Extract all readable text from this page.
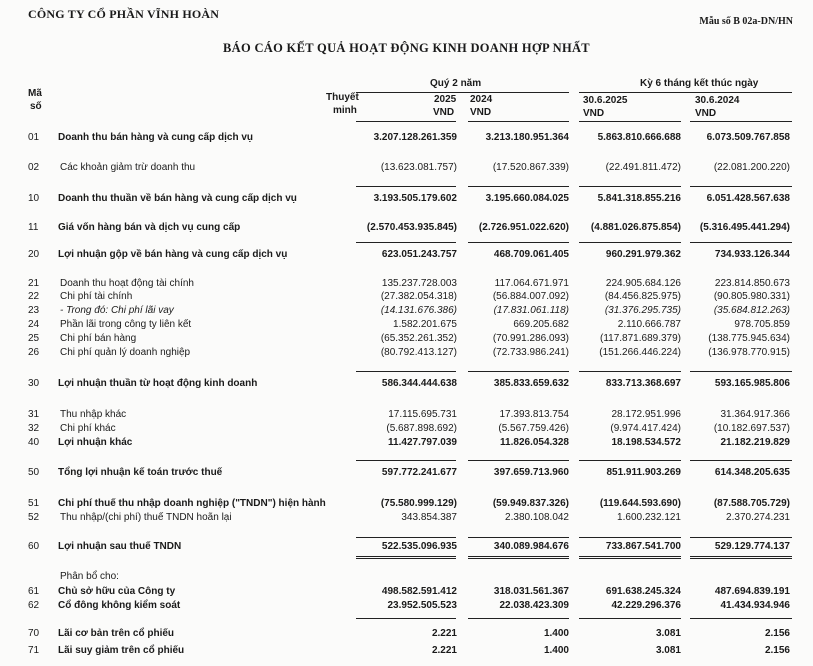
CÔNG TY CỔ PHẦN VĨNH HOÀN
Mẫu số B 02a-DN/HN
BÁO CÁO KẾT QUẢ HOẠT ĐỘNG KINH DOANH HỢP NHẤT
Mã
số
Thuyết
minh
Quý 2 năm	Kỳ 6 tháng kết thúc ngày
2025 2024	30.6.2025	30.6.2024
VND VND	VND	VND
01	Doanh thu bán hàng và cung cấp dịch vụ	3.207.128.261.359	3.213.180.951.364	5.863.810.666.688	6.073.509.767.858
02	Các khoản giảm trừ doanh thu	(13.623.081.757)	(17.520.867.339)	(22.491.811.472)	(22.081.200.220)
10	Doanh thu thuần về bán hàng và cung cấp dịch vụ	3.193.505.179.602	3.195.660.084.025	5.841.318.855.216	6.051.428.567.638
11	Giá vốn hàng bán và dịch vụ cung cấp	(2.570.453.935.845) (2.726.951.022.620) (4.881.026.875.854) (5.316.495.441.294)
20	Lợi nhuận gộp về bán hàng và cung cấp dịch vụ	623.051.243.757	468.709.061.405	960.291.979.362	734.933.126.344
21	Doanh thu hoạt động tài chính	135.237.728.003	117.064.671.971	224.905.684.126	223.814.850.673
22	Chi phí tài chính	(27.382.054.318)	(56.884.007.092)	(84.456.825.975)	(90.805.980.331)
23	- Trong đó: Chi phí lãi vay	(14.131.676.386)	(17.831.061.118)	(31.376.295.735)	(35.684.812.263)
24	Phần lãi trong công ty liên kết	1.582.201.675	669.205.682	2.110.666.787	978.705.859
25	Chi phí bán hàng	(65.352.261.352)	(70.991.286.093)	(117.871.689.379)	(138.775.945.634)
26	Chi phí quản lý doanh nghiệp	(80.792.413.127)	(72.733.986.241)	(151.266.446.224)	(136.978.770.915)
30	Lợi nhuận thuần từ hoạt động kinh doanh	586.344.444.638	385.833.659.632	833.713.368.697	593.165.985.806
31	Thu nhập khác	17.115.695.731	17.393.813.754	28.172.951.996	31.364.917.366
32	Chi phí khác	(5.687.898.692)	(5.567.759.426)	(9.974.417.424)	(10.182.697.537)
40	Lợi nhuận khác	11.427.797.039	11.826.054.328	18.198.534.572	21.182.219.829
50	Tổng lợi nhuận kế toán trước thuế	597.772.241.677	397.659.713.960	851.911.903.269	614.348.205.635
51	Chi phí thuế thu nhập doanh nghiệp ("TNDN") hiện hành	(75.580.999.129)	(59.949.837.326)	(119.644.593.690)	(87.588.705.729)
52	Thu nhập/(chi phí) thuế TNDN hoãn lại	343.854.387	2.380.108.042	1.600.232.121	2.370.274.231
60	Lợi nhuận sau thuế TNDN	522.535.096.935	340.089.984.676	733.867.541.700	529.129.774.137
Phân bổ cho:
61	Chủ sở hữu của Công ty	498.582.591.412	318.031.561.367	691.638.245.324	487.694.839.191
62	Cổ đông không kiểm soát	23.952.505.523	22.038.423.309	42.229.296.376	41.434.934.946
70	Lãi cơ bản trên cổ phiếu	2.221	1.400	3.081	2.156
71	Lãi suy giảm trên cổ phiếu	2.221	1.400	3.081	2.156
